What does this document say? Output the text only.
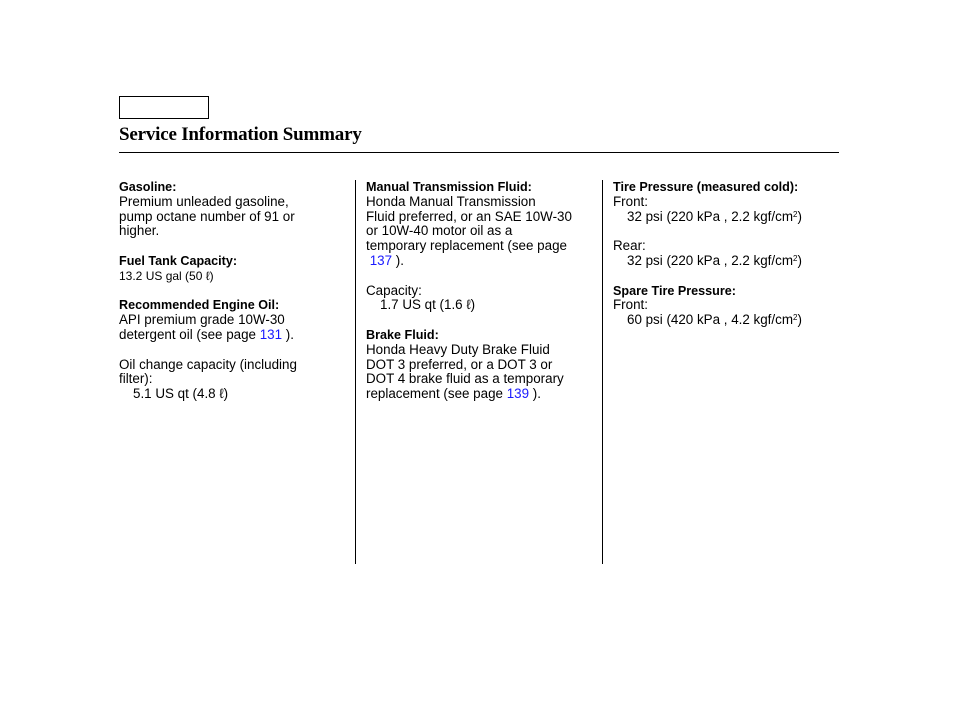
Service Information Summary

Gasoline:

Premium unleaded gasoline,

pump octane number of 91 or

higher.

Fuel Tank Capacity:

13.2 US gal (50 ℓ)

Recommended Engine Oil:

API premium grade 10W-30

detergent oil (see page 131 ).

Oil change capacity (including

filter):

5.1 US qt (4.8 ℓ)

Manual Transmission Fluid:

Honda Manual Transmission

Fluid preferred, or an SAE 10W-30

or 10W-40 motor oil as a

temporary replacement (see page

137 ).

Capacity:

1.7 US qt (1.6 ℓ)

Brake Fluid:

Honda Heavy Duty Brake Fluid

DOT 3 preferred, or a DOT 3 or

DOT 4 brake fluid as a temporary

replacement (see page 139 ).

Tire Pressure (measured cold):

Front:

32 psi (220 kPa , 2.2 kgf/$cm^2$)

Rear:

32 psi (220 kPa , 2.2 kgf/$cm^2$)

Spare Tire Pressure:

Front:

60 psi (420 kPa , 4.2 kgf/$cm^2$)
